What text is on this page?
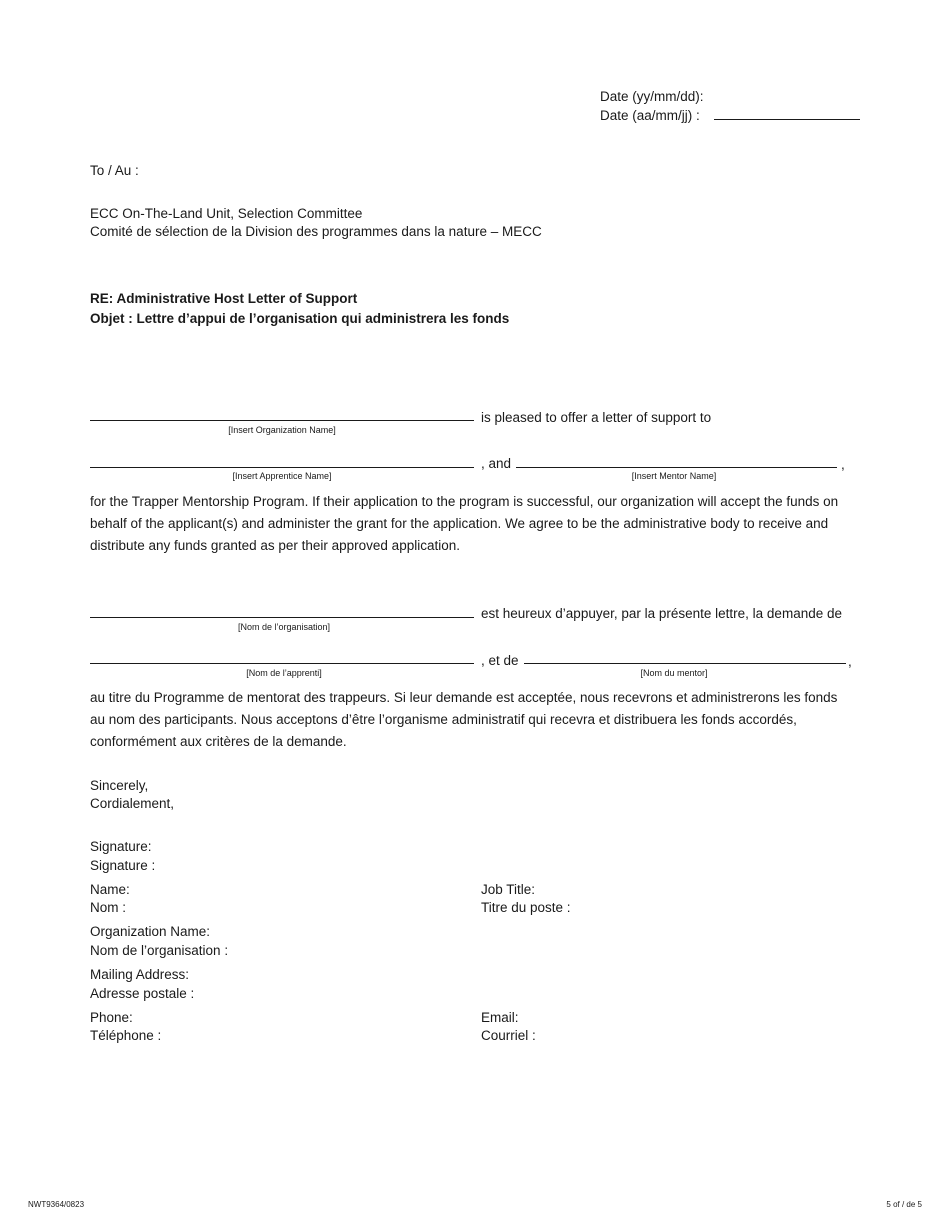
Date (yy/mm/dd):
Date (aa/mm/jj) :
To / Au :
ECC On-The-Land Unit, Selection Committee
Comité de sélection de la Division des programmes dans la nature – MECC
RE: Administrative Host Letter of Support
Objet : Lettre d’appui de l’organisation qui administrera les fonds
is pleased to offer a letter of support to
[Insert Organization Name]
, and	,
[Insert Apprentice Name]	[Insert Mentor Name]
for the Trapper Mentorship Program. If their application to the program is successful, our organization will accept the funds on behalf of the applicant(s) and administer the grant for the application. We agree to be the administrative body to receive and distribute any funds granted as per their approved application.
est heureux d’appuyer, par la présente lettre, la demande de
[Nom de l’organisation]
, et de	,
[Nom de l’apprenti]	[Nom du mentor]
au titre du Programme de mentorat des trappeurs. Si leur demande est acceptée, nous recevrons et administrerons les fonds au nom des participants. Nous acceptons d’être l’organisme administratif qui recevra et distribuera les fonds accordés, conformément aux critères de la demande.
Sincerely,
Cordialement,
Signature:
Signature :
Name:
Nom :
Job Title:
Titre du poste :
Organization Name:
Nom de l’organisation :
Mailing Address:
Adresse postale :
Phone:
Téléphone :
Email:
Courriel :
NWT9364/0823	5 of / de 5
